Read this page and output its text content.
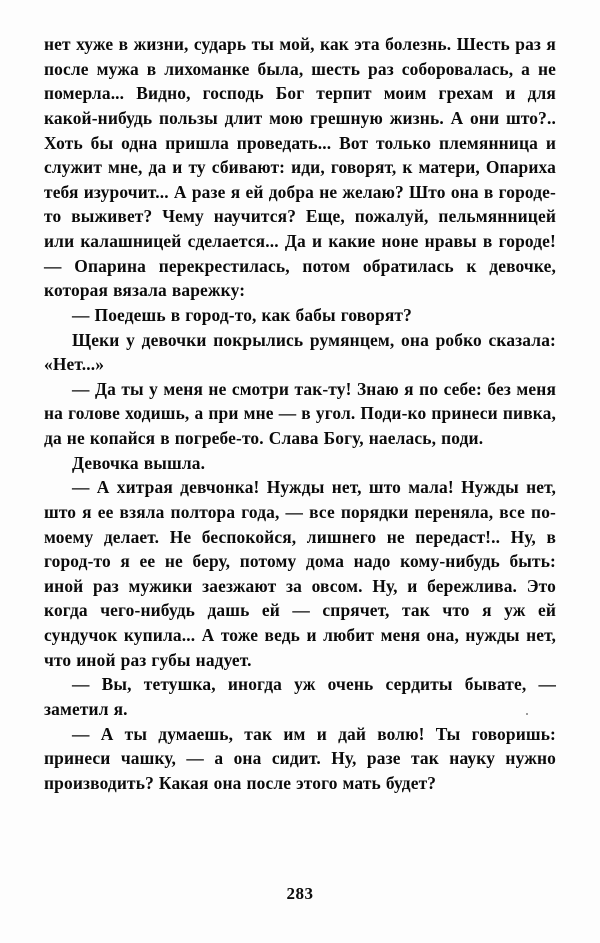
нет хуже в жизни, сударь ты мой, как эта болезнь. Шесть раз я после мужа в лихоманке была, шесть раз соборовалась, а не померла... Видно, господь Бог терпит моим грехам и для какой-нибудь пользы длит мою грешную жизнь. А они што?.. Хоть бы одна пришла проведать... Вот только племянница и служит мне, да и ту сбивают: иди, говорят, к матери, Опариха тебя изурочит... А разе я ей добра не желаю? Што она в городе-то выживет? Чему научится? Еще, пожалуй, пельмянницей или калашницей сделается... Да и какие ноне нравы в городе! — Опарина перекрестилась, потом обратилась к девочке, которая вязала варежку:

— Поедешь в город-то, как бабы говорят?

Щеки у девочки покрылись румянцем, она робко сказала: «Нет...»

— Да ты у меня не смотри так-ту! Знаю я по себе: без меня на голове ходишь, а при мне — в угол. Поди-ко принеси пивка, да не копайся в погребе-то. Слава Богу, наелась, поди.

Девочка вышла.

— А хитрая девчонка! Нужды нет, што мала! Нужды нет, што я ее взяла полтора года, — все порядки переняла, все по-моему делает. Не беспокойся, лишнего не передаст!.. Ну, в город-то я ее не беру, потому дома надо кому-нибудь быть: иной раз мужики заезжают за овсом. Ну, и бережлива. Это когда чего-нибудь дашь ей — спрячет, так что я уж ей сундучок купила... А тоже ведь и любит меня она, нужды нет, что иной раз губы надует.

— Вы, тетушка, иногда уж очень сердиты бывате, — заметил я.

— А ты думаешь, так им и дай волю! Ты говоришь: принеси чашку, — а она сидит. Ну, разе так науку нужно производить? Какая она после этого мать будет?

283
